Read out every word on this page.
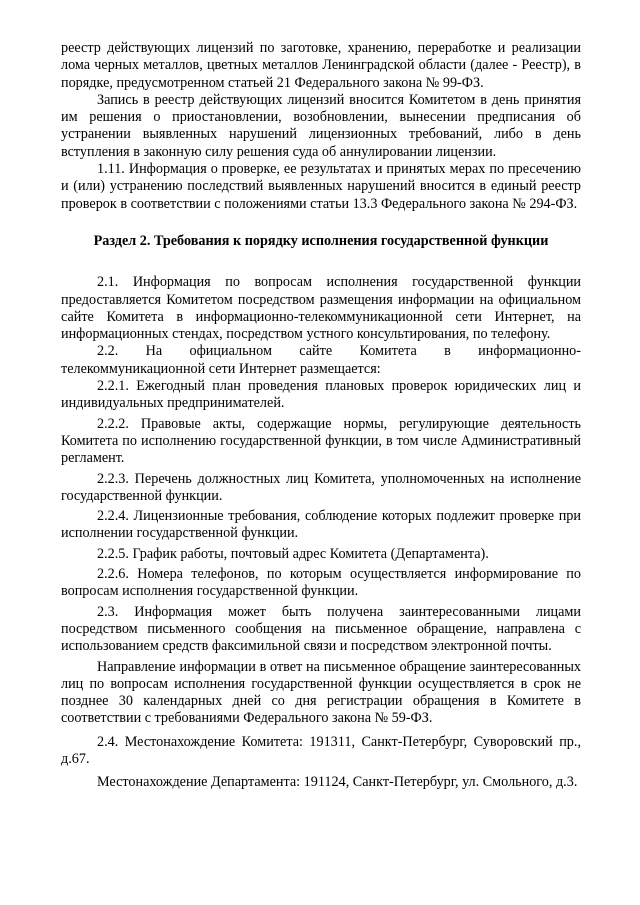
реестр действующих лицензий по заготовке, хранению, переработке и реализации лома черных металлов, цветных металлов Ленинградской области (далее - Реестр), в порядке, предусмотренном статьей 21 Федерального закона № 99-ФЗ.

Запись в реестр действующих лицензий вносится Комитетом в день принятия им решения о приостановлении, возобновлении, вынесении предписания об устранении выявленных нарушений лицензионных требований, либо в день вступления в законную силу решения суда об аннулировании лицензии.

1.11. Информация о проверке, ее результатах и принятых мерах по пресечению и (или) устранению последствий выявленных нарушений вносится в единый реестр проверок в соответствии с положениями статьи 13.3 Федерального закона № 294-ФЗ.

Раздел 2. Требования к порядку исполнения государственной функции

2.1. Информация по вопросам исполнения государственной функции предоставляется Комитетом посредством размещения информации на официальном сайте Комитета в информационно-телекоммуникационной сети Интернет, на информационных стендах, посредством устного консультирования, по телефону.

2.2. На официальном сайте Комитета в информационно-телекоммуникационной сети Интернет размещается:

2.2.1. Ежегодный план проведения плановых проверок юридических лиц и индивидуальных предпринимателей.

2.2.2. Правовые акты, содержащие нормы, регулирующие деятельность Комитета по исполнению государственной функции, в том числе Административный регламент.

2.2.3. Перечень должностных лиц Комитета, уполномоченных на исполнение государственной функции.

2.2.4. Лицензионные требования, соблюдение которых подлежит проверке при исполнении государственной функции.

2.2.5. График работы, почтовый адрес Комитета (Департамента).

2.2.6. Номера телефонов, по которым осуществляется информирование по вопросам исполнения государственной функции.

2.3. Информация может быть получена заинтересованными лицами посредством письменного сообщения на письменное обращение, направлена с использованием средств факсимильной связи и посредством электронной почты.

Направление информации в ответ на письменное обращение заинтересованных лиц по вопросам исполнения государственной функции осуществляется в срок не позднее 30 календарных дней со дня регистрации обращения в Комитете в соответствии с требованиями Федерального закона № 59-ФЗ.

2.4. Местонахождение Комитета: 191311, Санкт-Петербург, Суворовский пр., д.67.

Местонахождение Департамента: 191124, Санкт-Петербург, ул. Смольного, д.3.
